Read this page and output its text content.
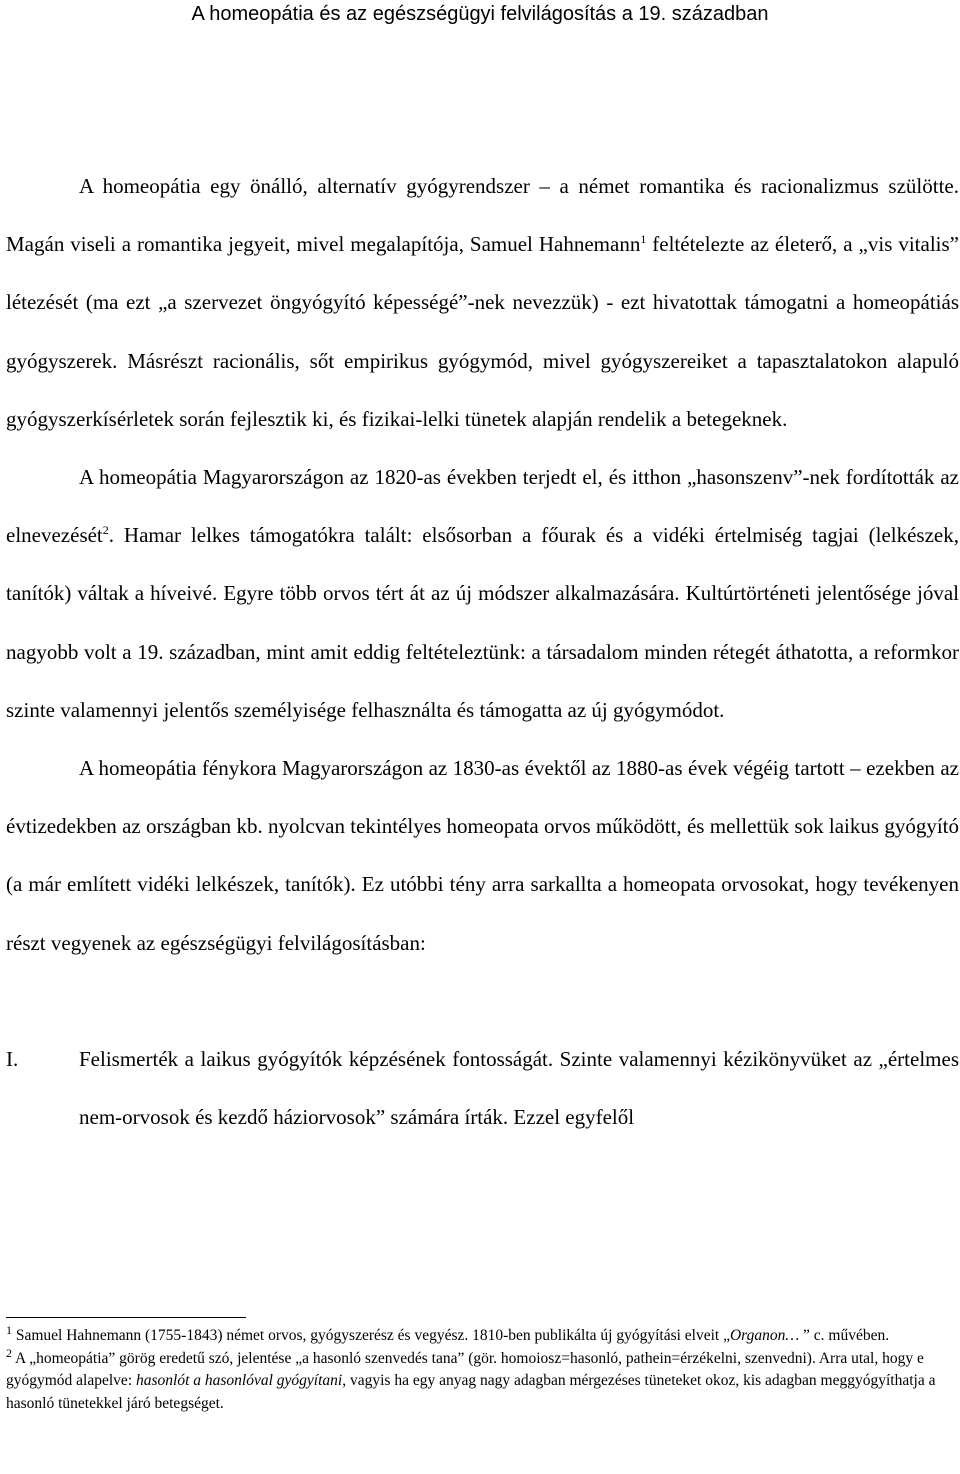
A homeopátia és az egészségügyi felvilágosítás a 19. században

A homeopátia egy önálló, alternatív gyógyrendszer – a német romantika és racionalizmus szülötte. Magán viseli a romantika jegyeit, mivel megalapítója, Samuel Hahnemann$^1$ feltételezte az életerő, a „vis vitalis” létezését (ma ezt „a szervezet öngyógyító képességé”-nek nevezzük) - ezt hivatottak támogatni a homeopátiás gyógyszerek. Másrészt racionális, sőt empirikus gyógymód, mivel gyógyszereiket a tapasztalatokon alapuló gyógyszerkísérletek során fejlesztik ki, és fizikai-lelki tünetek alapján rendelik a betegeknek.

A homeopátia Magyarországon az 1820-as években terjedt el, és itthon „hasonszenv”-nek fordították az elnevezését$^2$. Hamar lelkes támogatókra talált: elsősorban a főurak és a vidéki értelmiség tagjai (lelkészek, tanítók) váltak a híveivé. Egyre több orvos tért át az új módszer alkalmazására. Kultúrtörténeti jelentősége jóval nagyobb volt a 19. században, mint amit eddig feltételeztünk: a társadalom minden rétegét áthatotta, a reformkor szinte valamennyi jelentős személyisége felhasználta és támogatta az új gyógymódot.

A homeopátia fénykora Magyarországon az 1830-as évektől az 1880-as évek végéig tartott – ezekben az évtizedekben az országban kb. nyolcvan tekintélyes homeopata orvos működött, és mellettük sok laikus gyógyító (a már említett vidéki lelkészek, tanítók). Ez utóbbi tény arra sarkallta a homeopata orvosokat, hogy tevékenyen részt vegyenek az egészségügyi felvilágosításban:

I.	Felismerték a laikus gyógyítók képzésének fontosságát. Szinte valamennyi kézikönyvüket az „értelmes nem-orvosok és kezdő háziorvosok” számára írták. Ezzel egyfelől

$^1$ Samuel Hahnemann (1755-1843) német orvos, gyógyszerész és vegyész. 1810-ben publikálta új gyógyítási elveit „Organon… ” c. művében.

$^2$ A „homeopátia” görög eredetű szó, jelentése „a hasonló szenvedés tana” (gör. homoiosz=hasonló, pathein=érzékelni, szenvedni). Arra utal, hogy e gyógymód alapelve: hasonlót a hasonlóval gyógyítani, vagyis ha egy anyag nagy adagban mérgezéses tüneteket okoz, kis adagban meggyógyíthatja a hasonló tünetekkel járó betegséget.
